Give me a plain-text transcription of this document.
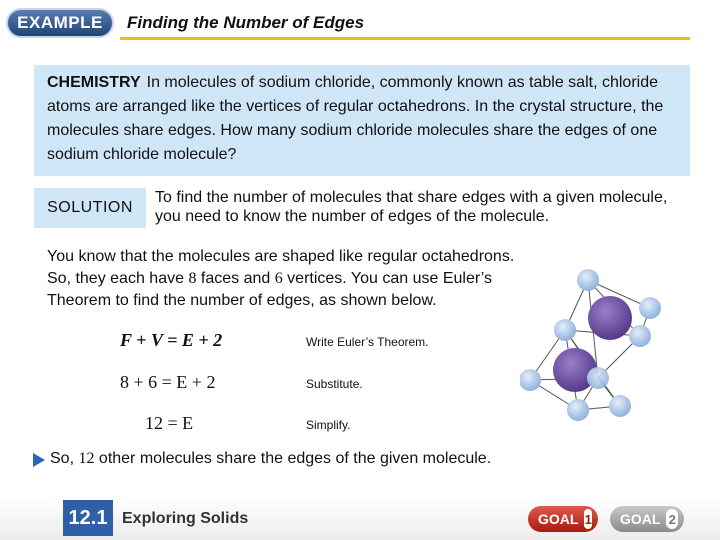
EXAMPLE	Finding the Number of Edges
CHEMISTRY In molecules of sodium chloride, commonly known as table salt, chloride atoms are arranged like the vertices of regular octahedrons. In the crystal structure, the molecules share edges. How many sodium chloride molecules share the edges of one sodium chloride molecule?
SOLUTION
To find the number of molecules that share edges with a given molecule, you need to know the number of edges of the molecule.
You know that the molecules are shaped like regular octahedrons.
So, they each have 8 faces and 6 vertices. You can use Euler’s
Theorem to find the number of edges, as shown below.
F + V = E + 2	Write Euler’s Theorem.
8 + 6 = E + 2	Substitute.
12 = E	Simplify.
So, 12 other molecules share the edges of the given molecule.
12.1 Exploring Solids	GOAL 1 GOAL 2
